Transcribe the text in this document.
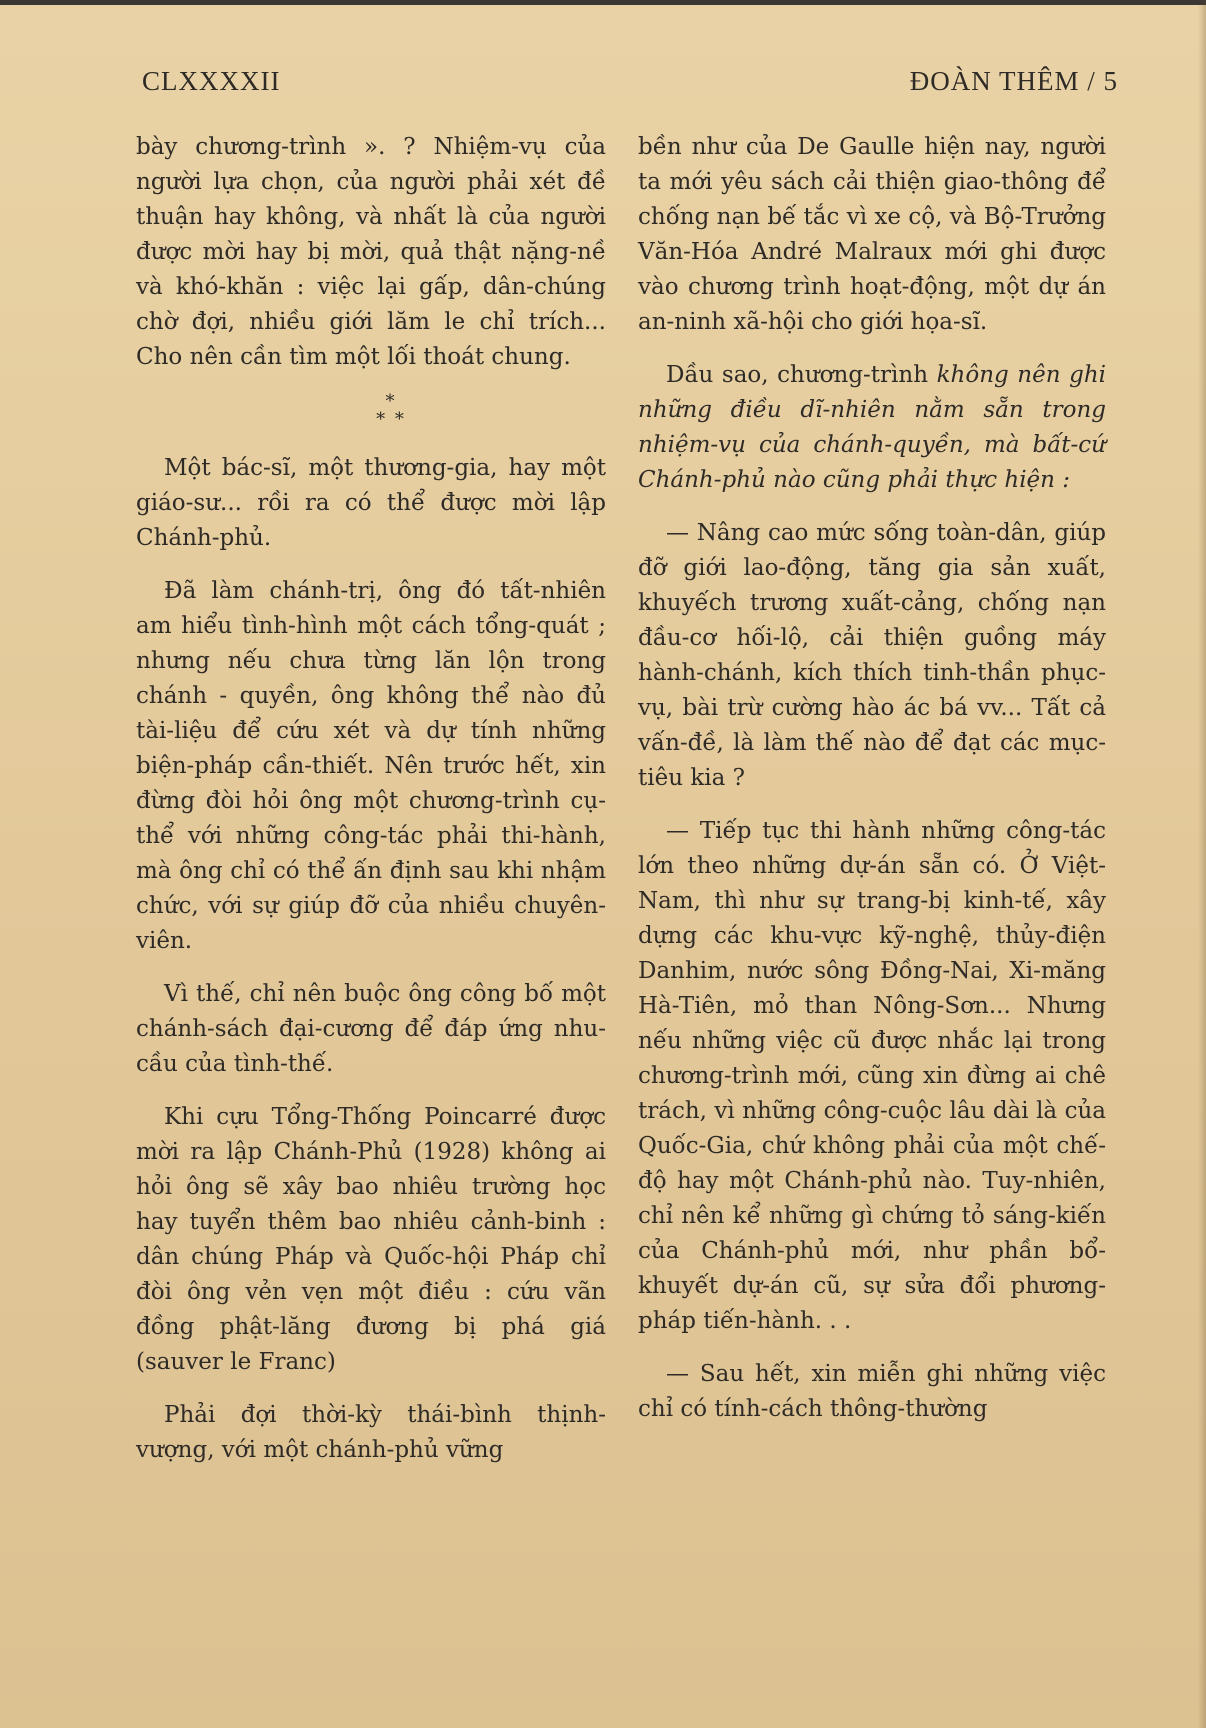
CLXXXXII	ĐOÀN THÊM / 5

bày chương-trình ». ? Nhiệm-vụ của người lựa chọn, của người phải xét đề thuận hay không, và nhất là của người được mời hay bị mời, quả thật nặng-nề và khó-khăn : việc lại gấp, dân-chúng chờ đợi, nhiều giới lăm le chỉ trích... Cho nên cần tìm một lối thoát chung.

*
* *

Một bác-sĩ, một thương-gia, hay một giáo-sư... rồi ra có thể được mời lập Chánh-phủ.

Đã làm chánh-trị, ông đó tất-nhiên am hiểu tình-hình một cách tổng-quát ; nhưng nếu chưa từng lăn lộn trong chánh - quyền, ông không thể nào đủ tài-liệu để cứu xét và dự tính những biện-pháp cần-thiết. Nên trước hết, xin đừng đòi hỏi ông một chương-trình cụ-thể với những công-tác phải thi-hành, mà ông chỉ có thể ấn định sau khi nhậm chức, với sự giúp đỡ của nhiều chuyên-viên.

Vì thế, chỉ nên buộc ông công bố một chánh-sách đại-cương để đáp ứng nhu-cầu của tình-thế.

Khi cựu Tổng-Thống Poincarré được mời ra lập Chánh-Phủ (1928) không ai hỏi ông sẽ xây bao nhiêu trường học hay tuyển thêm bao nhiêu cảnh-binh : dân chúng Pháp và Quốc-hội Pháp chỉ đòi ông vẻn vẹn một điều : cứu vãn đồng phật-lăng đương bị phá giá (sauver le Franc)

Phải đợi thời-kỳ thái-bình thịnh-vượng, với một chánh-phủ vững

bền như của De Gaulle hiện nay, người ta mới yêu sách cải thiện giao-thông để chống nạn bế tắc vì xe cộ, và Bộ-Trưởng Văn-Hóa André Malraux mới ghi được vào chương trình hoạt-động, một dự án an-ninh xã-hội cho giới họa-sĩ.

Dầu sao, chương-trình không nên ghi những điều dĩ-nhiên nằm sẵn trong nhiệm-vụ của chánh-quyền, mà bất-cứ Chánh-phủ nào cũng phải thực hiện :

— Nâng cao mức sống toàn-dân, giúp đỡ giới lao-động, tăng gia sản xuất, khuyếch trương xuất-cảng, chống nạn đầu-cơ hối-lộ, cải thiện guồng máy hành-chánh, kích thích tinh-thần phục-vụ, bài trừ cường hào ác bá vv... Tất cả vấn-đề, là làm thế nào để đạt các mục-tiêu kia ?

— Tiếp tục thi hành những công-tác lớn theo những dự-án sẵn có. Ở Việt-Nam, thì như sự trang-bị kinh-tế, xây dựng các khu-vực kỹ-nghệ, thủy-điện Danhim, nước sông Đồng-Nai, Xi-măng Hà-Tiên, mỏ than Nông-Sơn... Nhưng nếu những việc cũ được nhắc lại trong chương-trình mới, cũng xin đừng ai chê trách, vì những công-cuộc lâu dài là của Quốc-Gia, chứ không phải của một chế-độ hay một Chánh-phủ nào. Tuy-nhiên, chỉ nên kể những gì chứng tỏ sáng-kiến của Chánh-phủ mới, như phần bổ-khuyết dự-án cũ, sự sửa đổi phương-pháp tiến-hành. . .

— Sau hết, xin miễn ghi những việc chỉ có tính-cách thông-thường
